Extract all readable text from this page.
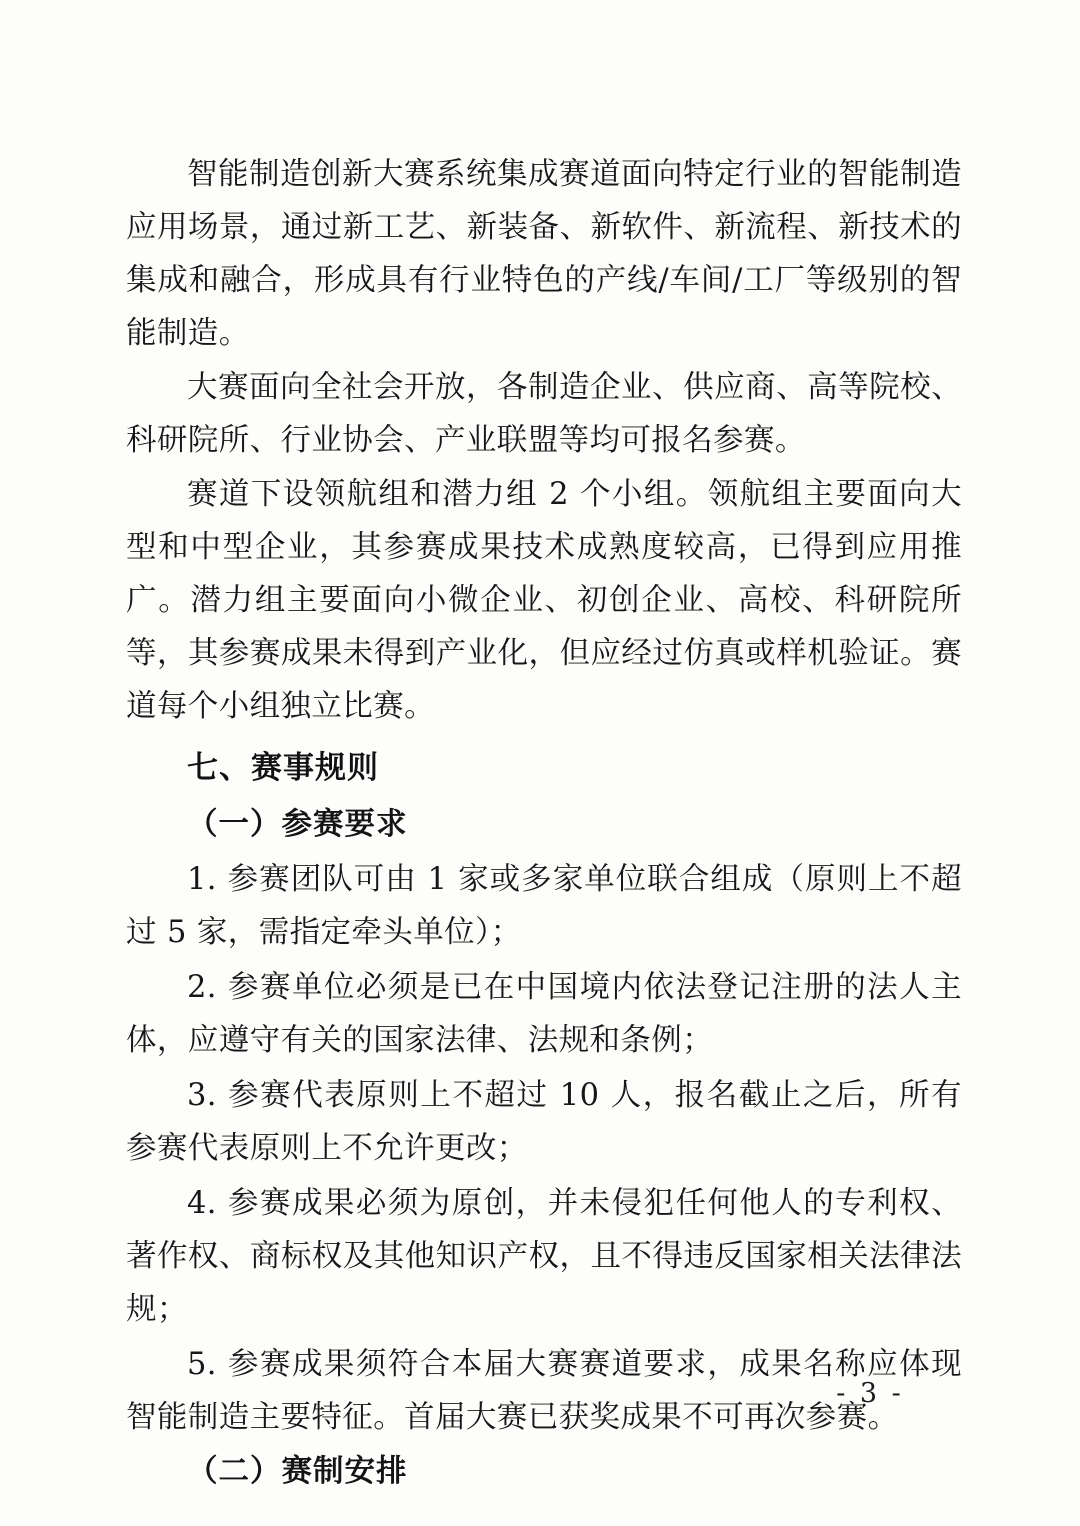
智能制造创新大赛系统集成赛道面向特定行业的智能制造应用场景，通过新工艺、新装备、新软件、新流程、新技术的集成和融合，形成具有行业特色的产线/车间/工厂等级别的智能制造。

大赛面向全社会开放，各制造企业、供应商、高等院校、科研院所、行业协会、产业联盟等均可报名参赛。

赛道下设领航组和潜力组 2 个小组。领航组主要面向大型和中型企业，其参赛成果技术成熟度较高，已得到应用推广。潜力组主要面向小微企业、初创企业、高校、科研院所等，其参赛成果未得到产业化，但应经过仿真或样机验证。赛道每个小组独立比赛。

七、赛事规则

（一）参赛要求

1. 参赛团队可由 1 家或多家单位联合组成（原则上不超过 5 家，需指定牵头单位）；

2. 参赛单位必须是已在中国境内依法登记注册的法人主体，应遵守有关的国家法律、法规和条例；

3. 参赛代表原则上不超过 10 人，报名截止之后，所有参赛代表原则上不允许更改；

4. 参赛成果必须为原创，并未侵犯任何他人的专利权、著作权、商标权及其他知识产权，且不得违反国家相关法律法规；

5. 参赛成果须符合本届大赛赛道要求，成果名称应体现智能制造主要特征。首届大赛已获奖成果不可再次参赛。

（二）赛制安排

- 3 -
